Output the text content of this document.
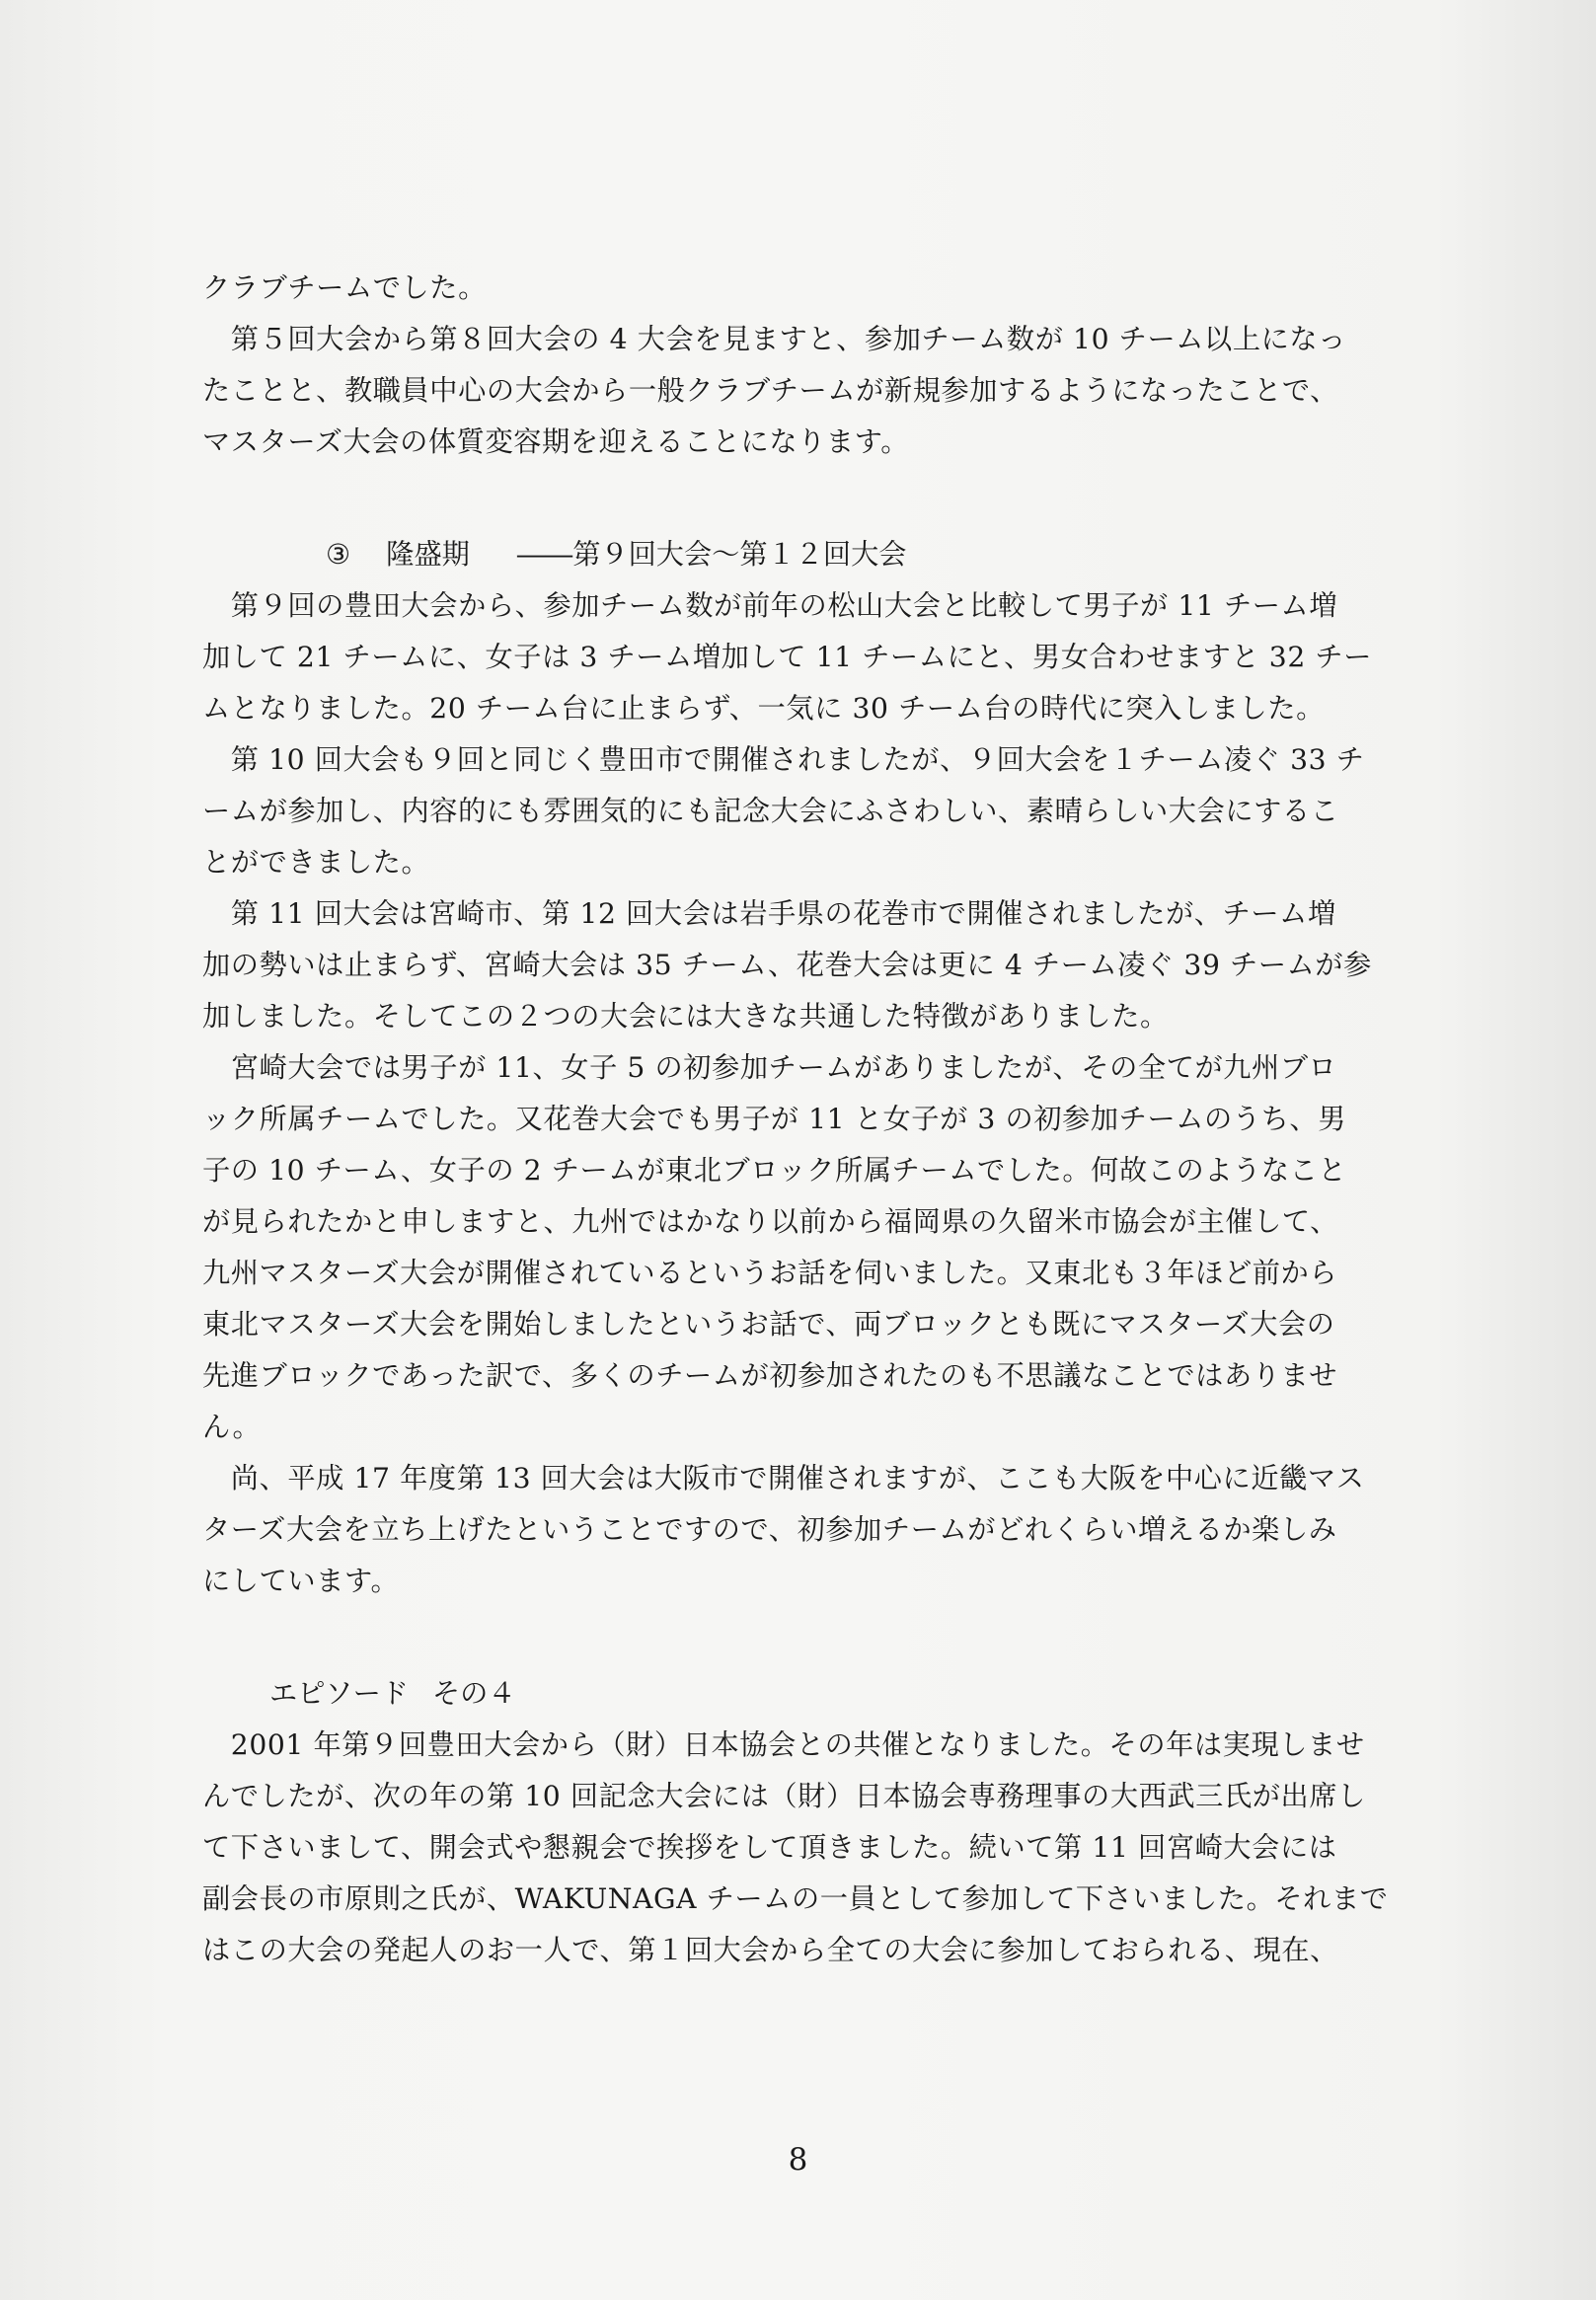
クラブチームでした。
　第５回大会から第８回大会の 4 大会を見ますと、参加チーム数が 10 チーム以上になっ
たことと、教職員中心の大会から一般クラブチームが新規参加するようになったことで、
マスターズ大会の体質変容期を迎えることになります。
③ 隆盛期 ――第９回大会～第１２回大会
　第９回の豊田大会から、参加チーム数が前年の松山大会と比較して男子が 11 チーム増
加して 21 チームに、女子は 3 チーム増加して 11 チームにと、男女合わせますと 32 チー
ムとなりました。20 チーム台に止まらず、一気に 30 チーム台の時代に突入しました。
　第 10 回大会も９回と同じく豊田市で開催されましたが、９回大会を１チーム凌ぐ 33 チ
ームが参加し、内容的にも雰囲気的にも記念大会にふさわしい、素晴らしい大会にするこ
とができました。
　第 11 回大会は宮崎市、第 12 回大会は岩手県の花巻市で開催されましたが、チーム増
加の勢いは止まらず、宮崎大会は 35 チーム、花巻大会は更に 4 チーム凌ぐ 39 チームが参
加しました。そしてこの２つの大会には大きな共通した特徴がありました。
　宮崎大会では男子が 11、女子 5 の初参加チームがありましたが、その全てが九州ブロ
ック所属チームでした。又花巻大会でも男子が 11 と女子が 3 の初参加チームのうち、男
子の 10 チーム、女子の 2 チームが東北ブロック所属チームでした。何故このようなこと
が見られたかと申しますと、九州ではかなり以前から福岡県の久留米市協会が主催して、
九州マスターズ大会が開催されているというお話を伺いました。又東北も３年ほど前から
東北マスターズ大会を開始しましたというお話で、両ブロックとも既にマスターズ大会の
先進ブロックであった訳で、多くのチームが初参加されたのも不思議なことではありませ
ん。
　尚、平成 17 年度第 13 回大会は大阪市で開催されますが、ここも大阪を中心に近畿マス
ターズ大会を立ち上げたということですので、初参加チームがどれくらい増えるか楽しみ
にしています。
エピソード その４
　2001 年第９回豊田大会から（財）日本協会との共催となりました。その年は実現しませ
んでしたが、次の年の第 10 回記念大会には（財）日本協会専務理事の大西武三氏が出席し
て下さいまして、開会式や懇親会で挨拶をして頂きました。続いて第 11 回宮崎大会には
副会長の市原則之氏が、WAKUNAGA チームの一員として参加して下さいました。それまで
はこの大会の発起人のお一人で、第１回大会から全ての大会に参加しておられる、現在、
8
